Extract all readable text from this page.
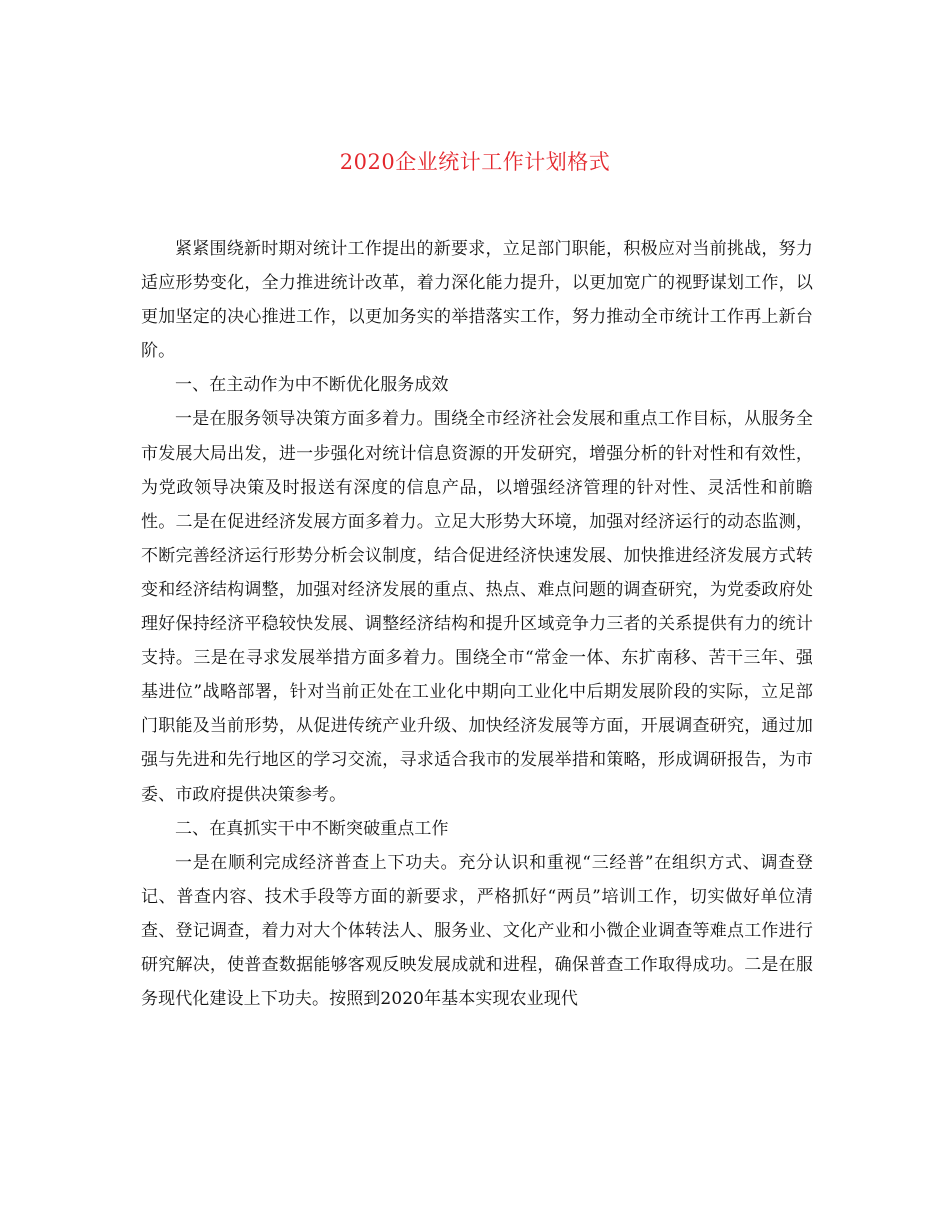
2020企业统计工作计划格式

紧紧围绕新时期对统计工作提出的新要求，立足部门职能，积极应对当前挑战，努力适应形势变化，全力推进统计改革，着力深化能力提升，以更加宽广的视野谋划工作，以更加坚定的决心推进工作，以更加务实的举措落实工作，努力推动全市统计工作再上新台阶。

一、在主动作为中不断优化服务成效

一是在服务领导决策方面多着力。围绕全市经济社会发展和重点工作目标，从服务全市发展大局出发，进一步强化对统计信息资源的开发研究，增强分析的针对性和有效性，为党政领导决策及时报送有深度的信息产品，以增强经济管理的针对性、灵活性和前瞻性。二是在促进经济发展方面多着力。立足大形势大环境，加强对经济运行的动态监测，不断完善经济运行形势分析会议制度，结合促进经济快速发展、加快推进经济发展方式转变和经济结构调整，加强对经济发展的重点、热点、难点问题的调查研究，为党委政府处理好保持经济平稳较快发展、调整经济结构和提升区域竞争力三者的关系提供有力的统计支持。三是在寻求发展举措方面多着力。围绕全市“常金一体、东扩南移、苦干三年、强基进位”战略部署，针对当前正处在工业化中期向工业化中后期发展阶段的实际，立足部门职能及当前形势，从促进传统产业升级、加快经济发展等方面，开展调查研究，通过加强与先进和先行地区的学习交流，寻求适合我市的发展举措和策略，形成调研报告，为市委、市政府提供决策参考。

二、在真抓实干中不断突破重点工作

一是在顺利完成经济普查上下功夫。充分认识和重视“三经普”在组织方式、调查登记、普查内容、技术手段等方面的新要求，严格抓好“两员”培训工作，切实做好单位清查、登记调查，着力对大个体转法人、服务业、文化产业和小微企业调查等难点工作进行研究解决，使普查数据能够客观反映发展成就和进程，确保普查工作取得成功。二是在服务现代化建设上下功夫。按照到2020年基本实现农业现代
